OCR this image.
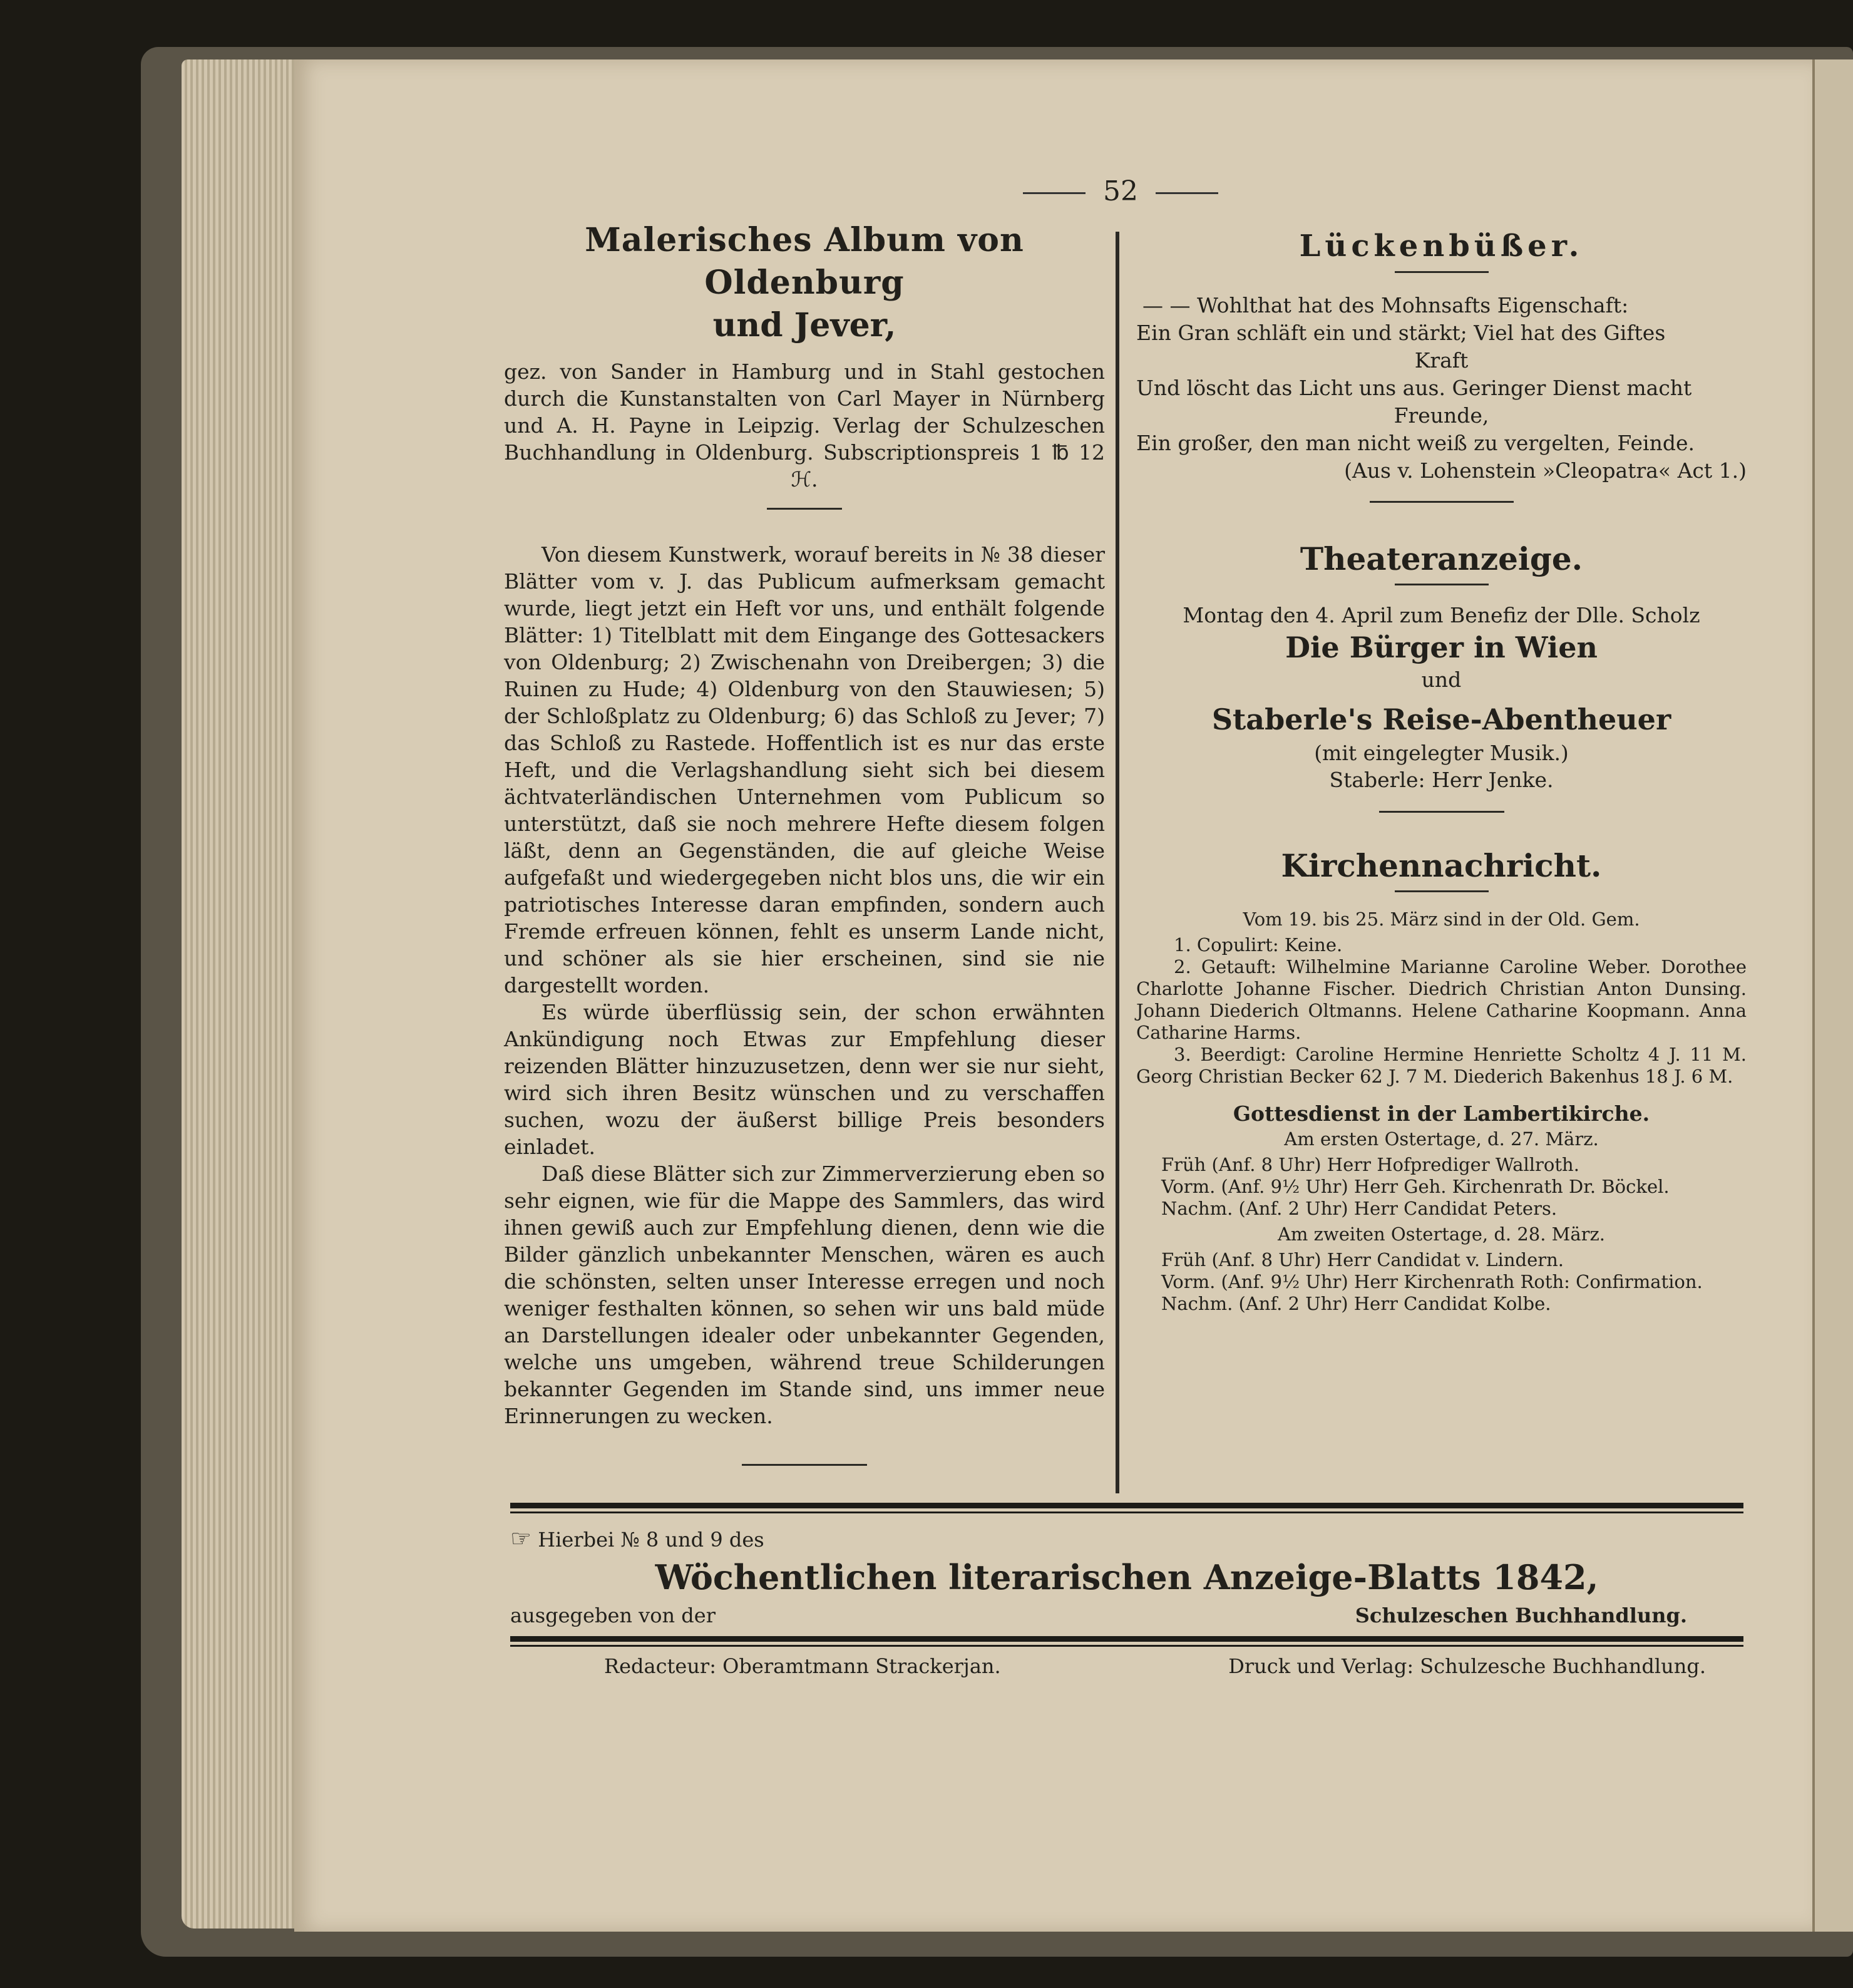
52
Malerisches Album von Oldenburg
und Jever,
gez. von Sander in Hamburg und in Stahl gestochen durch die Kunstanstalten von Carl Mayer in Nürnberg und A. H. Payne in Leipzig. Verlag der Schulzeschen Buchhandlung in Oldenburg. Subscriptionspreis 1 ℔ 12 ℋ.
Von diesem Kunstwerk, worauf bereits in № 38 dieser Blätter vom v. J. das Publicum aufmerksam gemacht wurde, liegt jetzt ein Heft vor uns, und enthält folgende Blätter: 1) Titelblatt mit dem Eingange des Gottesackers von Oldenburg; 2) Zwischenahn von Dreibergen; 3) die Ruinen zu Hude; 4) Oldenburg von den Stauwiesen; 5) der Schloßplatz zu Oldenburg; 6) das Schloß zu Jever; 7) das Schloß zu Rastede. Hoffentlich ist es nur das erste Heft, und die Verlagshandlung sieht sich bei diesem ächtvaterländischen Unternehmen vom Publicum so unterstützt, daß sie noch mehrere Hefte diesem folgen läßt, denn an Gegenständen, die auf gleiche Weise aufgefaßt und wiedergegeben nicht blos uns, die wir ein patriotisches Interesse daran empfinden, sondern auch Fremde erfreuen können, fehlt es unserm Lande nicht, und schöner als sie hier erscheinen, sind sie nie dargestellt worden.
Es würde überflüssig sein, der schon erwähnten Ankündigung noch Etwas zur Empfehlung dieser reizenden Blätter hinzuzusetzen, denn wer sie nur sieht, wird sich ihren Besitz wünschen und zu verschaffen suchen, wozu der äußerst billige Preis besonders einladet.
Daß diese Blätter sich zur Zimmerverzierung eben so sehr eignen, wie für die Mappe des Sammlers, das wird ihnen gewiß auch zur Empfehlung dienen, denn wie die Bilder gänzlich unbekannter Menschen, wären es auch die schönsten, selten unser Interesse erregen und noch weniger festhalten können, so sehen wir uns bald müde an Darstellungen idealer oder unbekannter Gegenden, welche uns umgeben, während treue Schilderungen bekannter Gegenden im Stande sind, uns immer neue Erinnerungen zu wecken.
Lückenbüßer.
— — Wohlthat hat des Mohnsafts Eigenschaft:
Ein Gran schläft ein und stärkt; Viel hat des Giftes
Kraft
Und löscht das Licht uns aus. Geringer Dienst macht
Freunde,
Ein großer, den man nicht weiß zu vergelten, Feinde.
(Aus v. Lohenstein »Cleopatra« Act 1.)
Theateranzeige.
Montag den 4. April zum Benefiz der Dlle. Scholz
Die Bürger in Wien
und
Staberle's Reise-Abentheuer
(mit eingelegter Musik.)
Staberle: Herr Jenke.
Kirchennachricht.
Vom 19. bis 25. März sind in der Old. Gem.
1. Copulirt: Keine.
2. Getauft: Wilhelmine Marianne Caroline Weber. Dorothee Charlotte Johanne Fischer. Diedrich Christian Anton Dunsing. Johann Diederich Oltmanns. Helene Catharine Koopmann. Anna Catharine Harms.
3. Beerdigt: Caroline Hermine Henriette Scholtz 4 J. 11 M. Georg Christian Becker 62 J. 7 M. Diederich Bakenhus 18 J. 6 M.
Gottesdienst in der Lambertikirche.
Am ersten Ostertage, d. 27. März.
Früh (Anf. 8 Uhr) Herr Hofprediger Wallroth.
Vorm. (Anf. 9½ Uhr) Herr Geh. Kirchenrath Dr. Böckel.
Nachm. (Anf. 2 Uhr) Herr Candidat Peters.
Am zweiten Ostertage, d. 28. März.
Früh (Anf. 8 Uhr) Herr Candidat v. Lindern.
Vorm. (Anf. 9½ Uhr) Herr Kirchenrath Roth: Confirmation.
Nachm. (Anf. 2 Uhr) Herr Candidat Kolbe.
☞ Hierbei № 8 und 9 des
Wöchentlichen literarischen Anzeige-Blatts 1842,
ausgegeben von der	Schulzeschen Buchhandlung.
Redacteur: Oberamtmann Strackerjan.	Druck und Verlag: Schulzesche Buchhandlung.
